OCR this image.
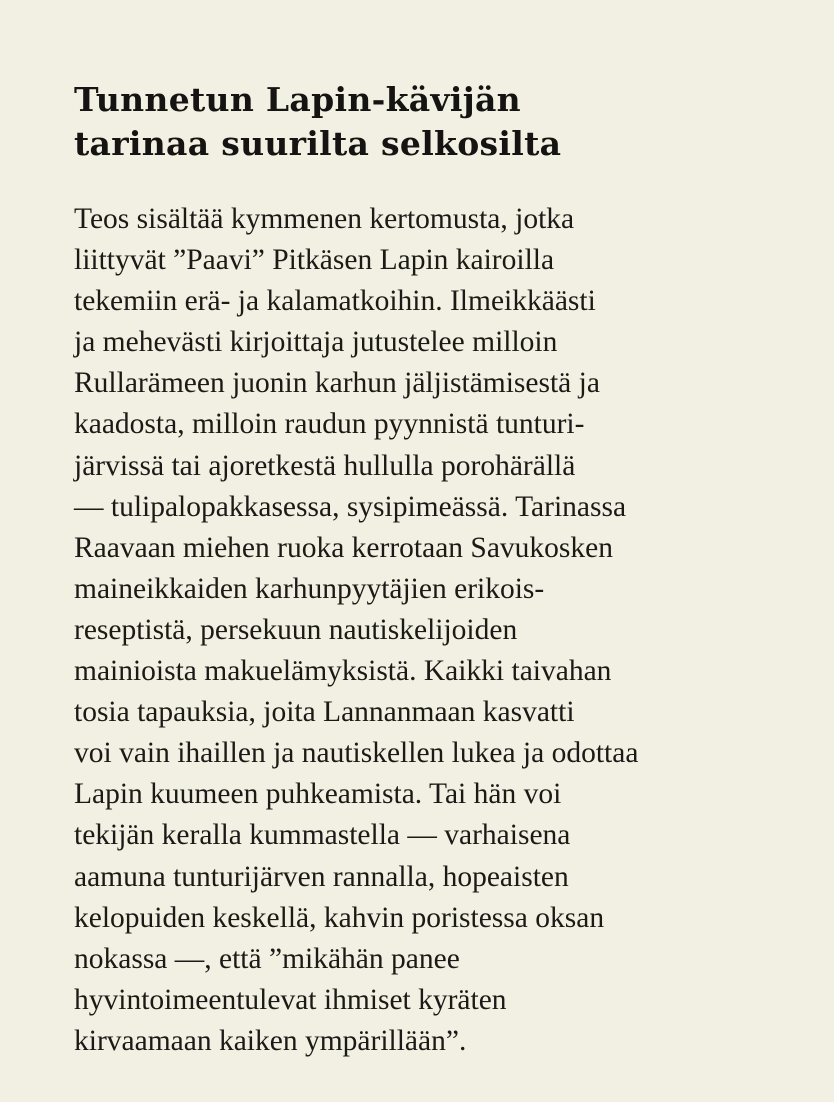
Tunnetun Lapin-kävijän
tarinaa suurilta selkosilta
Teos sisältää kymmenen kertomusta, jotka
liittyvät ”Paavi” Pitkäsen Lapin kairoilla
tekemiin erä- ja kalamatkoihin. Ilmeikkäästi
ja mehevästi kirjoittaja jutustelee milloin
Rullarämeen juonin karhun jäljistämisestä ja
kaadosta, milloin raudun pyynnistä tunturi-
järvissä tai ajoretkestä hullulla porohärällä
— tulipalopakkasessa, sysipimeässä. Tarinassa
Raavaan miehen ruoka kerrotaan Savukosken
maineikkaiden karhunpyytäjien erikois-
reseptistä, persekuun nautiskelijoiden
mainioista makuelämyksistä. Kaikki taivahan
tosia tapauksia, joita Lannanmaan kasvatti
voi vain ihaillen ja nautiskellen lukea ja odottaa
Lapin kuumeen puhkeamista. Tai hän voi
tekijän keralla kummastella — varhaisena
aamuna tunturijärven rannalla, hopeaisten
kelopuiden keskellä, kahvin poristessa oksan
nokassa —, että ”mikähän panee
hyvintoimeentulevat ihmiset kyräten
kirvaamaan kaiken ympärillään”.
